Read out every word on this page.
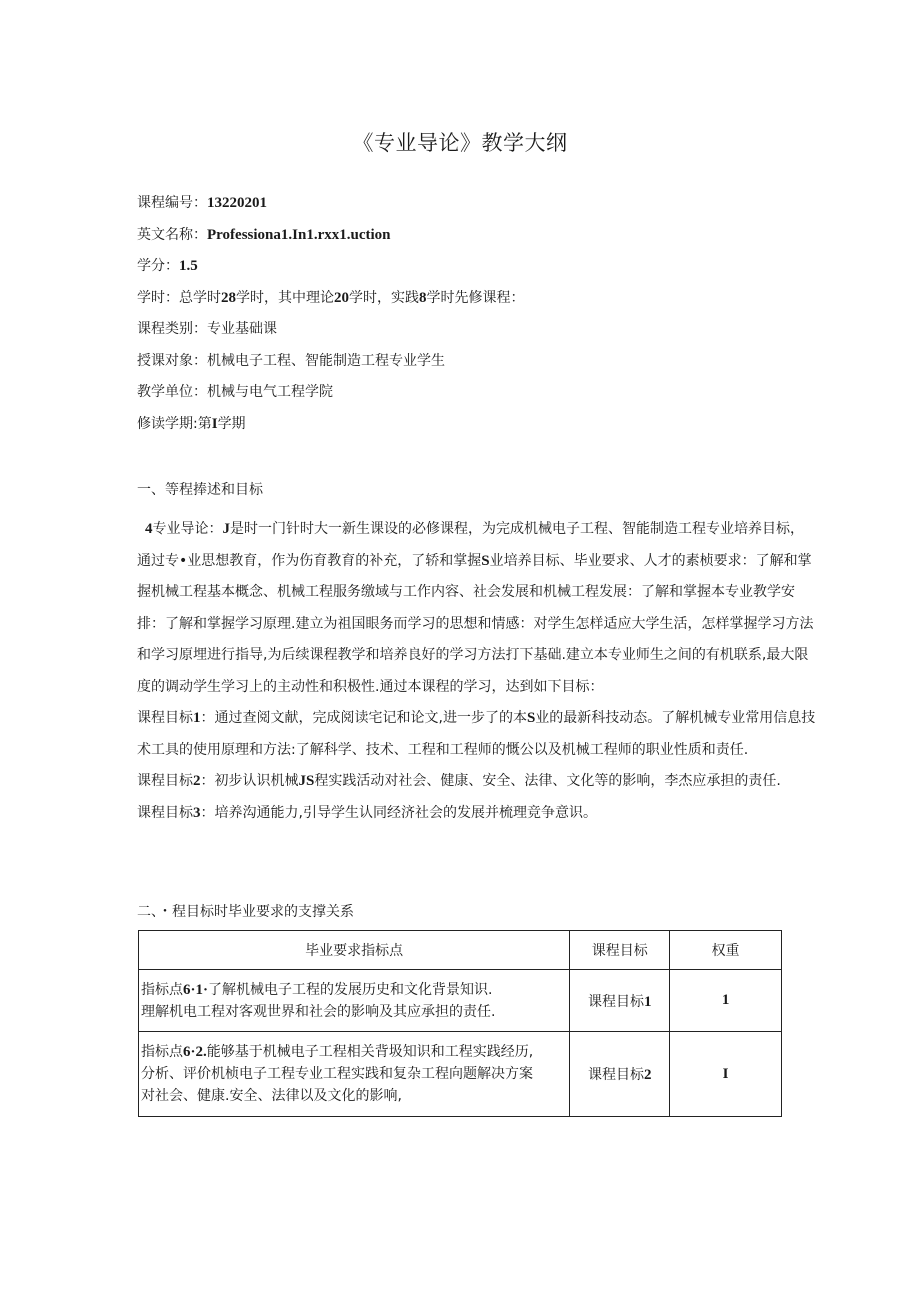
《专业导论》教学大纲
课程编号：13220201
英文名称：Professiona1.In1.rxx1.uction
学分：1.5
学时：总学时28学时，其中理论20学时，实践8学时先修课程：
课程类别：专业基础课
授课对象：机械电子工程、智能制造工程专业学生
教学单位：机械与电气工程学院
修读学期:第I学期
一、等程捧述和目标

4专业导论：J是时一门针时大一新生课设的必修课程，为完成机械电子工程、智能制造工程专业培养目标，通过专•业思想教育，作为伤育教育的补充，了轿和掌握S业培养目标、毕业要求、人才的素桢要求：了解和掌握机械工程基本概念、机械工程服务缴域与工作内容、社会发展和机械工程发展：了解和掌握本专业教学安排：了解和掌握学习原理.建立为祖国眼务而学习的思想和情感：对学生怎样适应大学生活，怎样掌握学习方法和学习原埋进行指导,为后续课程教学和培养良好的学习方法打下基础.建立本专业师生之间的有机联系,最大限度的调动学生学习上的主动性和积极性.通过本课程的学习，达到如下目标：

课程目标1：通过查阅文献，完成阅读宅记和论文,进一步了的本S业的最新科技动态。了解机械专业常用信息技术工具的使用原理和方法:了解科学、技术、工程和工程师的慨公以及机械工程师的职业性质和责任.

课程目标2：初步认识机械JS程实践活动对社会、健康、安全、法律、文化等的影响，李杰应承担的责任.

课程目标3：培养沟通能力,引导学生认同经济社会的发展并梳理竞争意识。

二、・程目标时毕业要求的支撑关系
毕业要求指标点	课程目标	权重
指标点6·1·了解机械电子工程的发展历史和文化背景知识.
理解机电工程对客观世界和社会的影响及其应承担的责任.	课程目标1	1
指标点6·2.能够基于机械电子工程相关背圾知识和工程实践经历,
分析、评价机桢电子工程专业工程实践和复杂工程向题解决方案
对社会、健康.安全、法律以及文化的影响,	课程目标2	I
